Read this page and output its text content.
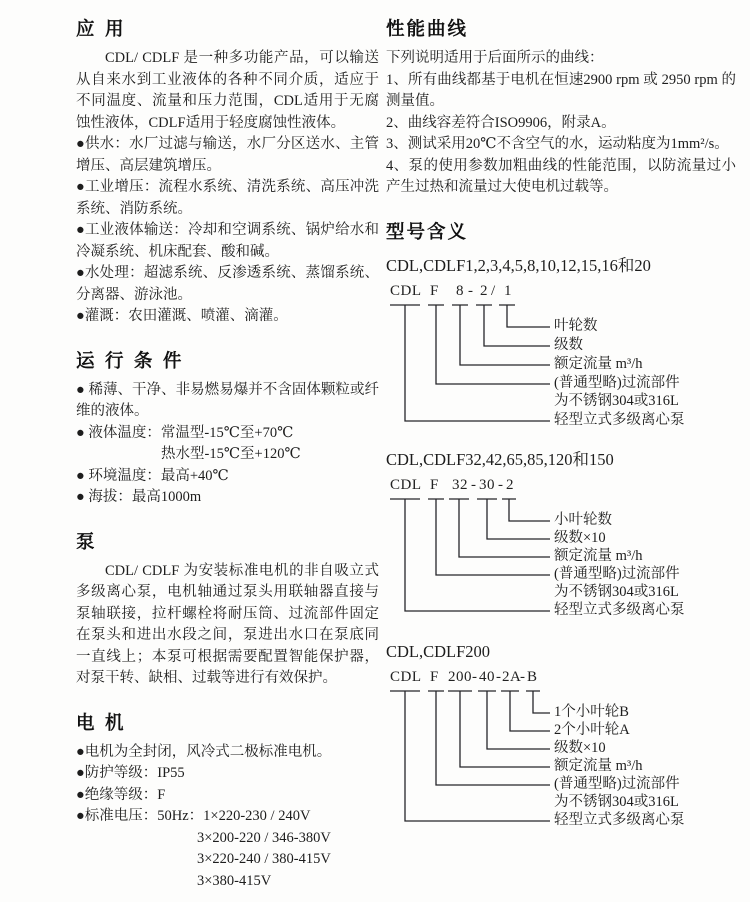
应 用

CDL/ CDLF 是一种多功能产品，可以输送从自来水到工业液体的各种不同介质，适应于不同温度、流量和压力范围，CDL适用于无腐蚀性液体，CDLF适用于轻度腐蚀性液体。

●供水：水厂过滤与输送，水厂分区送水、主管增压、高层建筑增压。

●工业增压：流程水系统、清洗系统、高压冲洗系统、消防系统。

●工业液体输送：冷却和空调系统、锅炉给水和冷凝系统、机床配套、酸和碱。

●水处理：超滤系统、反渗透系统、蒸馏系统、分离器、游泳池。

●灌溉：农田灌溉、喷灌、滴灌。

运 行 条 件

● 稀薄、干净、非易燃易爆并不含固体颗粒或纤维的液体。

● 液体温度：常温型-15℃至+70℃

热水型-15℃至+120℃

● 环境温度：最高+40℃

● 海拔：最高1000m

泵

CDL/ CDLF 为安装标准电机的非自吸立式多级离心泵，电机轴通过泵头用联轴器直接与泵轴联接，拉杆螺栓将耐压筒、过流部件固定在泵头和进出水段之间，泵进出水口在泵底同一直线上；本泵可根据需要配置智能保护器，对泵干转、缺相、过载等进行有效保护。

电 机

●电机为全封闭，风冷式二极标准电机。

●防护等级：IP55

●绝缘等级：F

●标准电压：50Hz：1×220-230 / 240V

3×200-220 / 346-380V

3×220-240 / 380-415V

3×380-415V

性能曲线

下列说明适用于后面所示的曲线：

1、所有曲线都基于电机在恒速2900 rpm 或 2950 rpm 的测量值。

2、曲线容差符合ISO9906，附录A。

3、测试采用20℃不含空气的水，运动粘度为1mm²/s。

4、泵的使用参数加粗曲线的性能范围，以防流量过小产生过热和流量过大使电机过载等。

型号含义

CDL,CDLF1,2,3,4,5,8,10,12,15,16和20

CDL F 8 - 2 / 1
叶轮数
级数
额定流量 m³/h
(普通型略)过流部件
为不锈钢304或316L
轻型立式多级离心泵

CDL,CDLF32,42,65,85,120和150

CDL F 32 - 30 - 2
小叶轮数
级数×10
额定流量 m³/h
(普通型略)过流部件
为不锈钢304或316L
轻型立式多级离心泵

CDL,CDLF200

CDL F 200 - 40 - 2A
- B
1个小叶轮B
2个小叶轮A
级数×10
额定流量 m³/h
(普通型略)过流部件
为不锈钢304或316L
轻型立式多级离心泵
